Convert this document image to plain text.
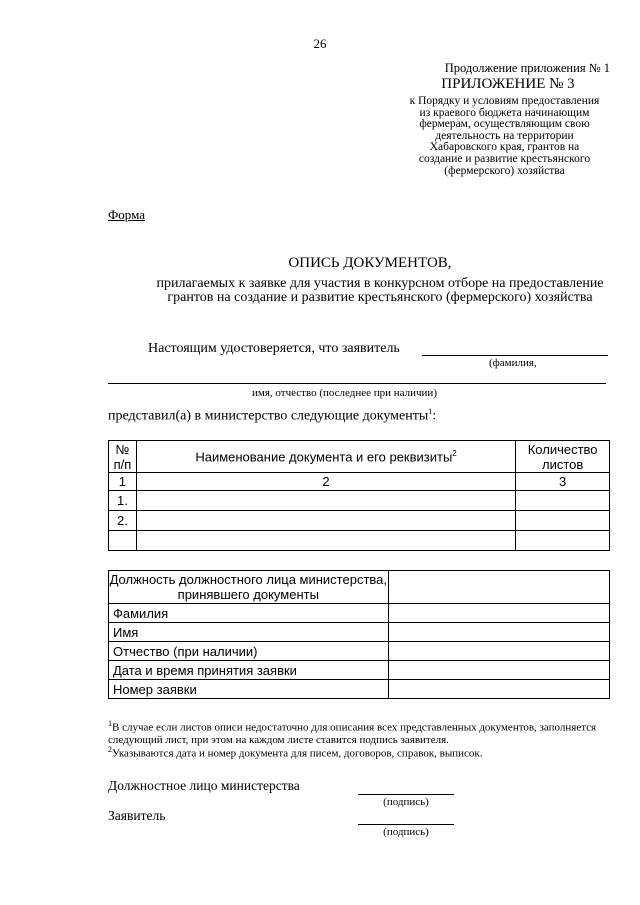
26
Продолжение приложения № 1
ПРИЛОЖЕНИЕ № 3
к Порядку и условиям предоставления
из краевого бюджета начинающим
фермерам, осуществляющим свою
деятельность на территории
Хабаровского края, грантов на
создание и развитие крестьянского
(фермерского) хозяйства
Форма
ОПИСЬ ДОКУМЕНТОВ,
прилагаемых к заявке для участия в конкурсном отборе на предоставление
грантов на создание и развитие крестьянского (фермерского) хозяйства
Настоящим удостоверяется, что заявитель
(фамилия,
имя, отчество (последнее при наличии)
представил(а) в министерство следующие документы$^1$:
№ п/п	Наименование документа и его реквизиты$^2$	Количество листов
1	2	3
1.		
2.		

Должность должностного лица министерства, принявшего документы	
Фамилия	
Имя	
Отчество (при наличии)	
Дата и время принятия заявки	
Номер заявки	
$^1$В случае если листов описи недостаточно для описания всех представленных документов, заполняется следующий лист, при этом на каждом листе ставится подпись заявителя.
$^2$Указываются дата и номер документа для писем, договоров, справок, выписок.
Должностное лицо министерства
(подпись)
Заявитель
(подпись)
